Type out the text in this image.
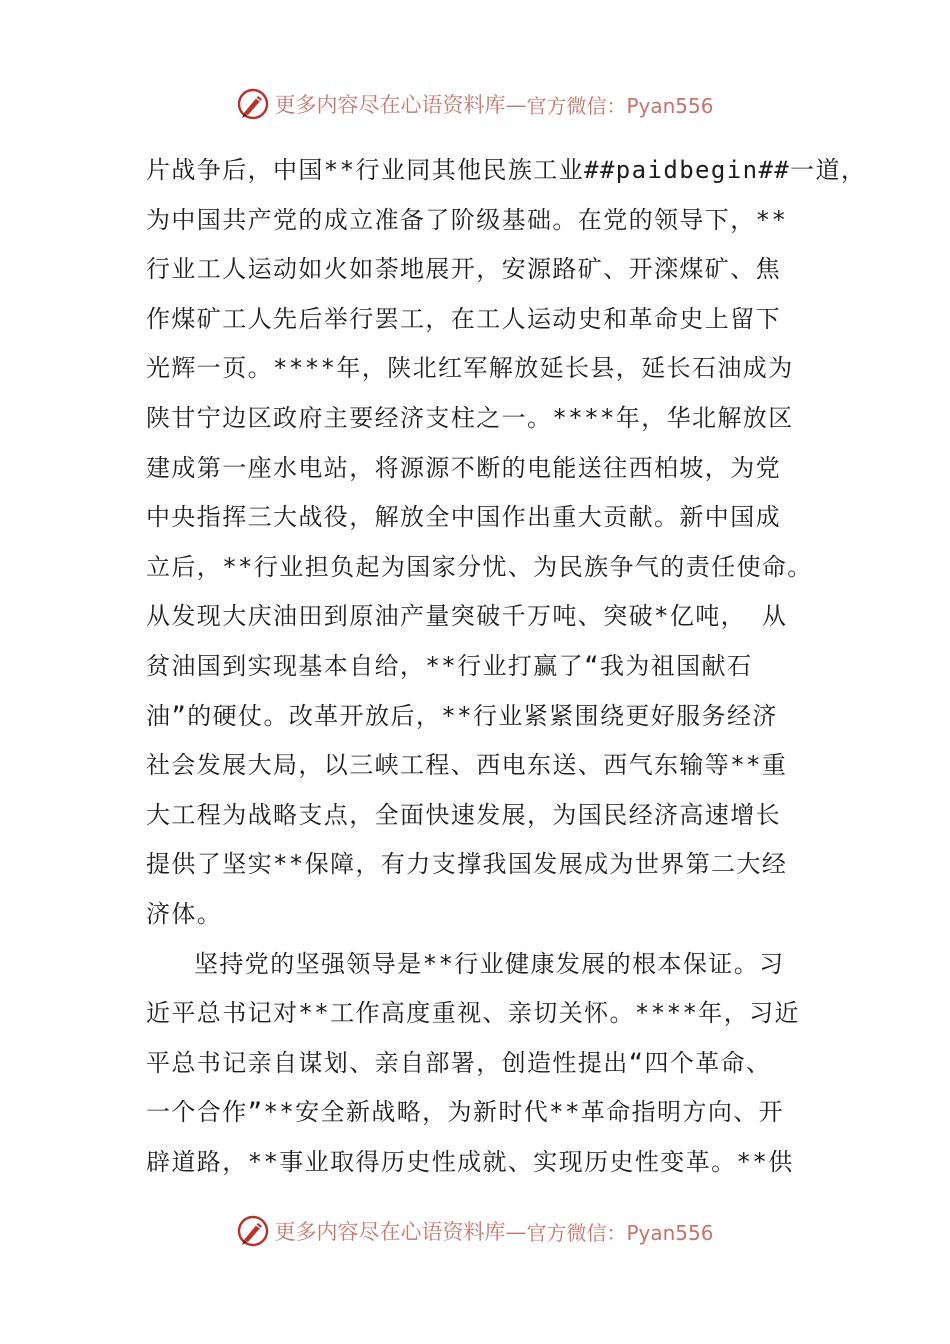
更多内容尽在心语资料库— 官方微信：Pyan556
片战争后，中国**行业同其他民族工业##paidbegin##一道，
为中国共产党的成立准备了阶级基础。在党的领导下，**
行业工人运动如火如荼地展开，安源路矿、开滦煤矿、焦
作煤矿工人先后举行罢工，在工人运动史和革命史上留下
光辉一页。****年，陕北红军解放延长县，延长石油成为
陕甘宁边区政府主要经济支柱之一。****年，华北解放区
建成第一座水电站，将源源不断的电能送往西柏坡，为党
中央指挥三大战役，解放全中国作出重大贡献。新中国成
立后，**行业担负起为国家分忧、为民族争气的责任使命。
从发现大庆油田到原油产量突破千万吨、突破*亿吨， 从
贫油国到实现基本自给，**行业打赢了“我为祖国献石
油”的硬仗。改革开放后，**行业紧紧围绕更好服务经济
社会发展大局，以三峡工程、西电东送、西气东输等**重
大工程为战略支点，全面快速发展，为国民经济高速增长
提供了坚实**保障，有力支撑我国发展成为世界第二大经
济体。
坚持党的坚强领导是**行业健康发展的根本保证。习
近平总书记对**工作高度重视、亲切关怀。****年，习近
平总书记亲自谋划、亲自部署，创造性提出“四个革命、
一个合作”**安全新战略，为新时代**革命指明方向、开
辟道路，**事业取得历史性成就、实现历史性变革。**供
更多内容尽在心语资料库— 官方微信：Pyan556
